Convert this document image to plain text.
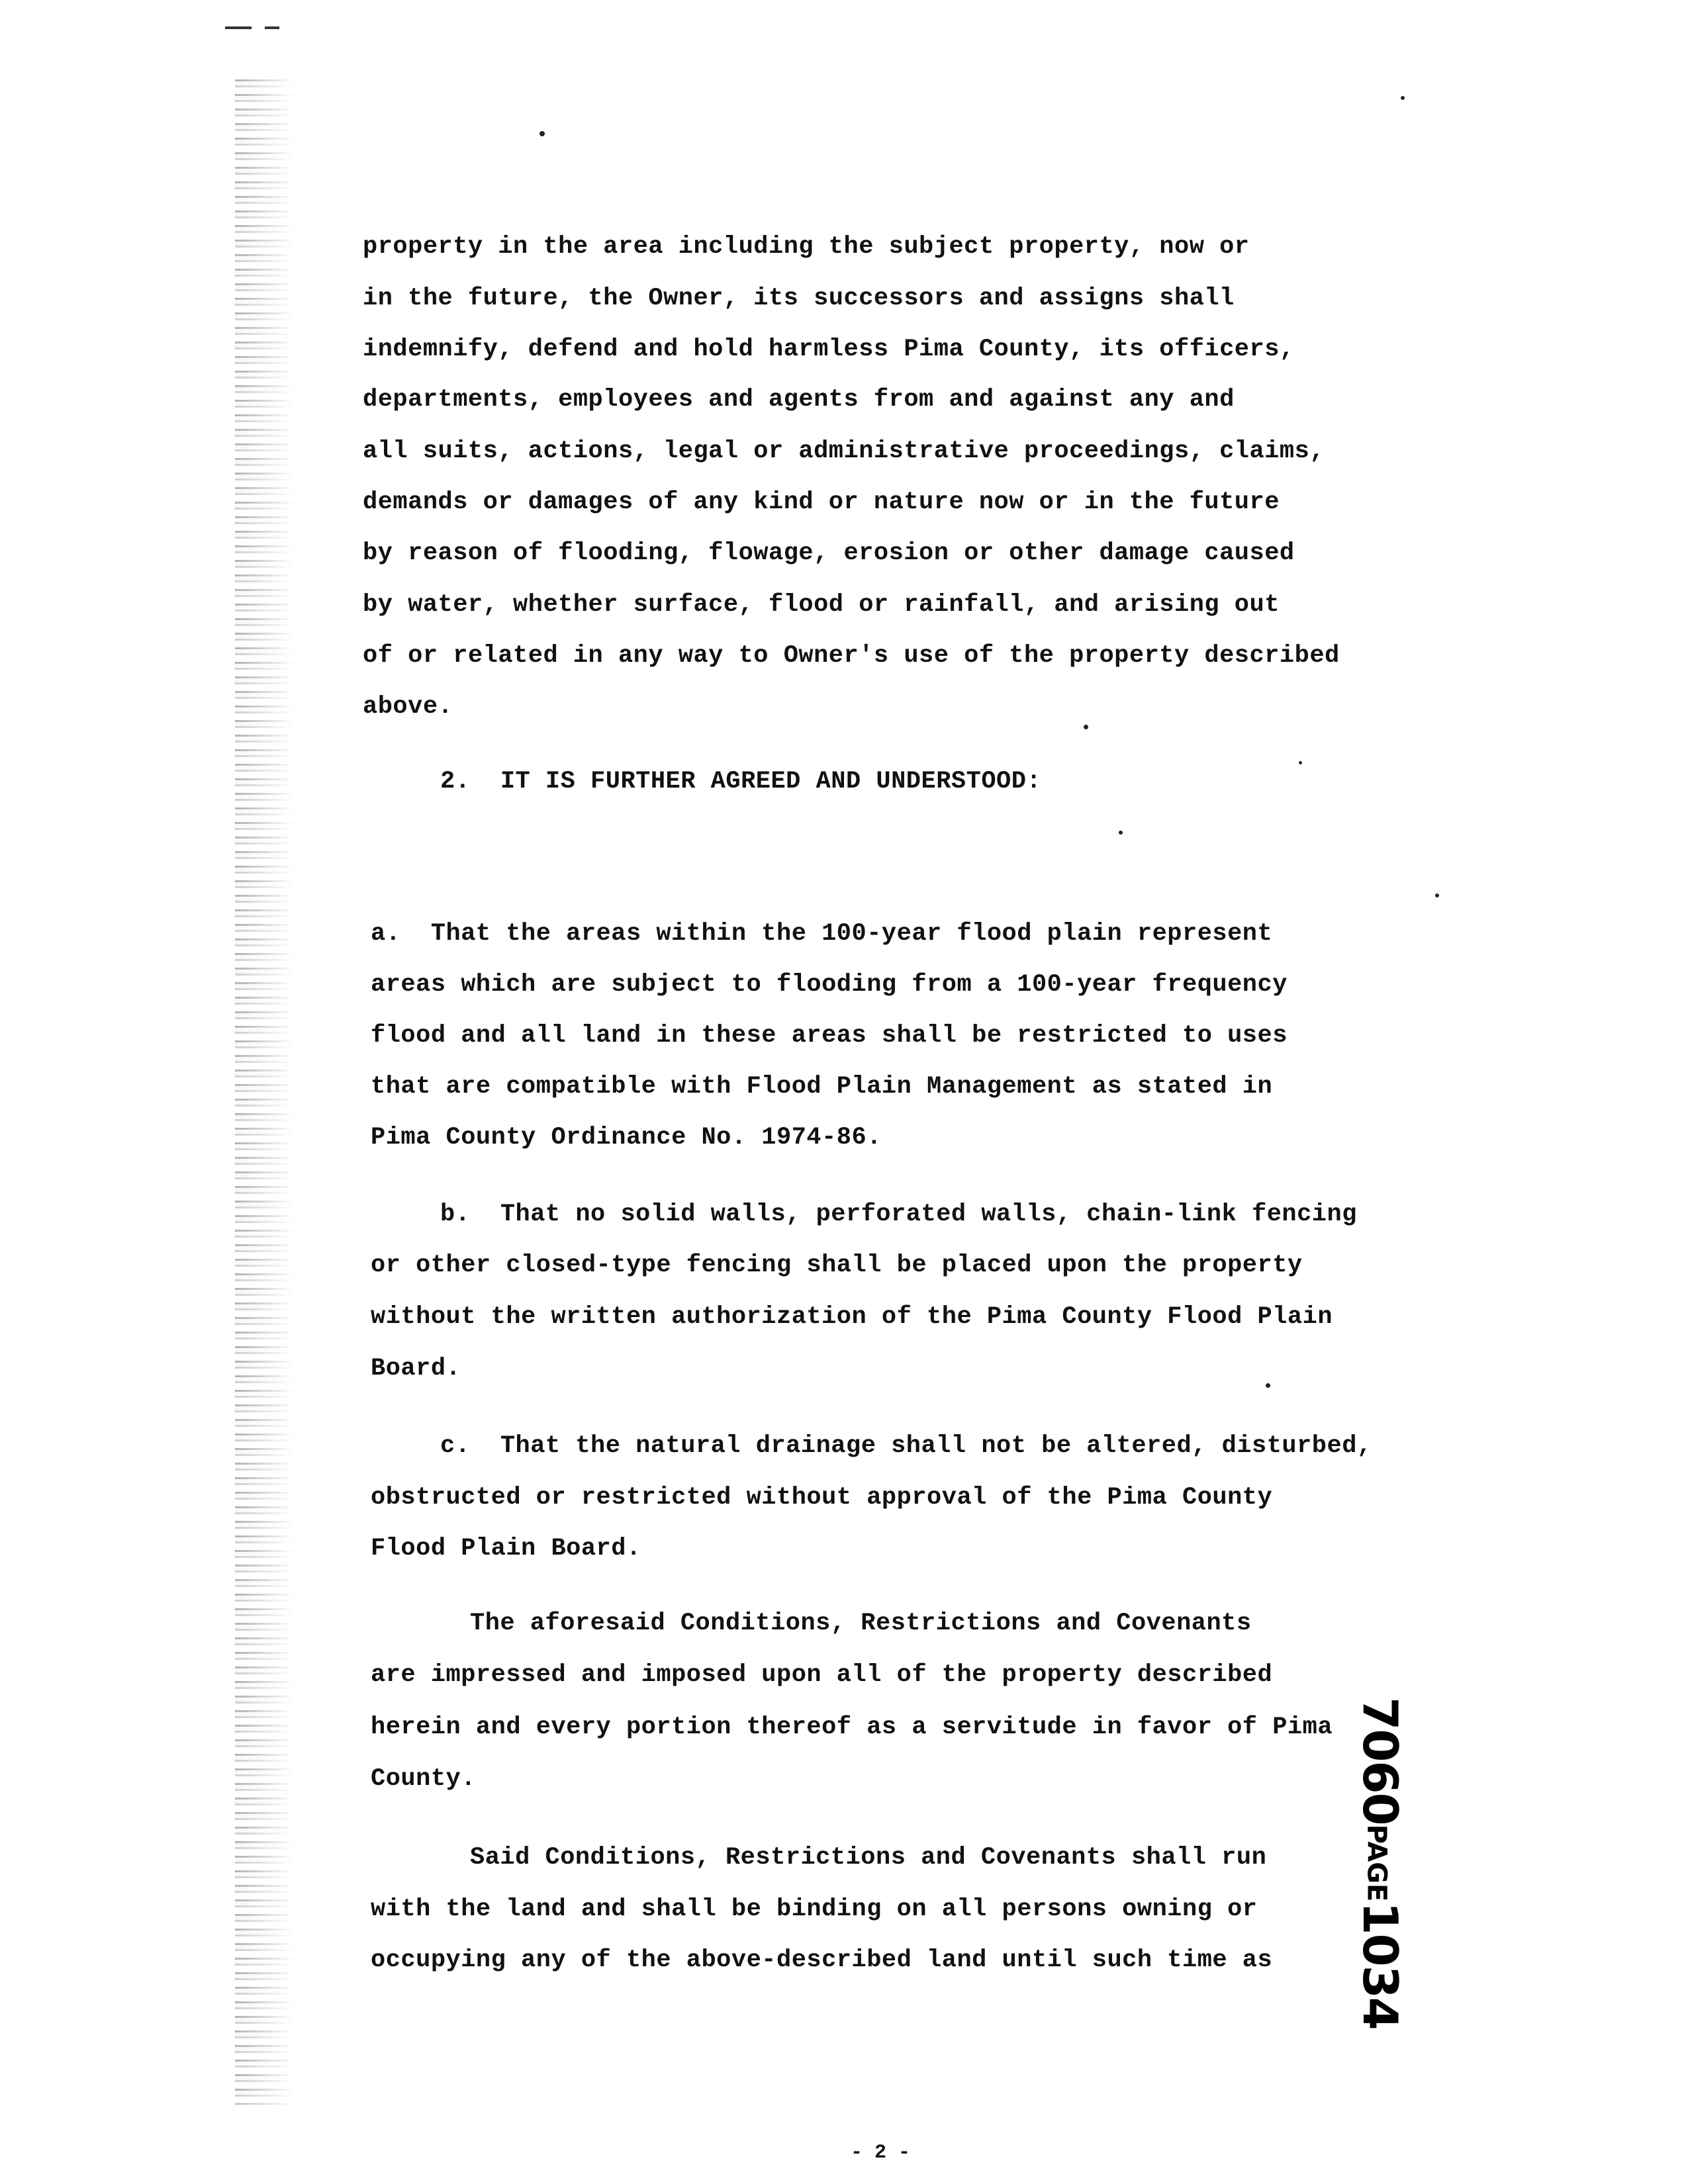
property in the area including the subject property, now or
in the future, the Owner, its successors and assigns shall
indemnify, defend and hold harmless Pima County, its officers,
departments, employees and agents from and against any and
all suits, actions, legal or administrative proceedings, claims,
demands or damages of any kind or nature now or in the future
by reason of flooding, flowage, erosion or other damage caused
by water, whether surface, flood or rainfall, and arising out
of or related in any way to Owner's use of the property described
above.
2.  IT IS FURTHER AGREED AND UNDERSTOOD:
a.  That the areas within the 100-year flood plain represent
areas which are subject to flooding from a 100-year frequency
flood and all land in these areas shall be restricted to uses
that are compatible with Flood Plain Management as stated in
Pima County Ordinance No. 1974-86.
b.  That no solid walls, perforated walls, chain-link fencing
or other closed-type fencing shall be placed upon the property
without the written authorization of the Pima County Flood Plain
Board.
c.  That the natural drainage shall not be altered, disturbed,
obstructed or restricted without approval of the Pima County
Flood Plain Board.
The aforesaid Conditions, Restrictions and Covenants
are impressed and imposed upon all of the property described
herein and every portion thereof as a servitude in favor of Pima
County.
Said Conditions, Restrictions and Covenants shall run
with the land and shall be binding on all persons owning or
occupying any of the above-described land until such time as
7060PAGE1034
- 2 -
